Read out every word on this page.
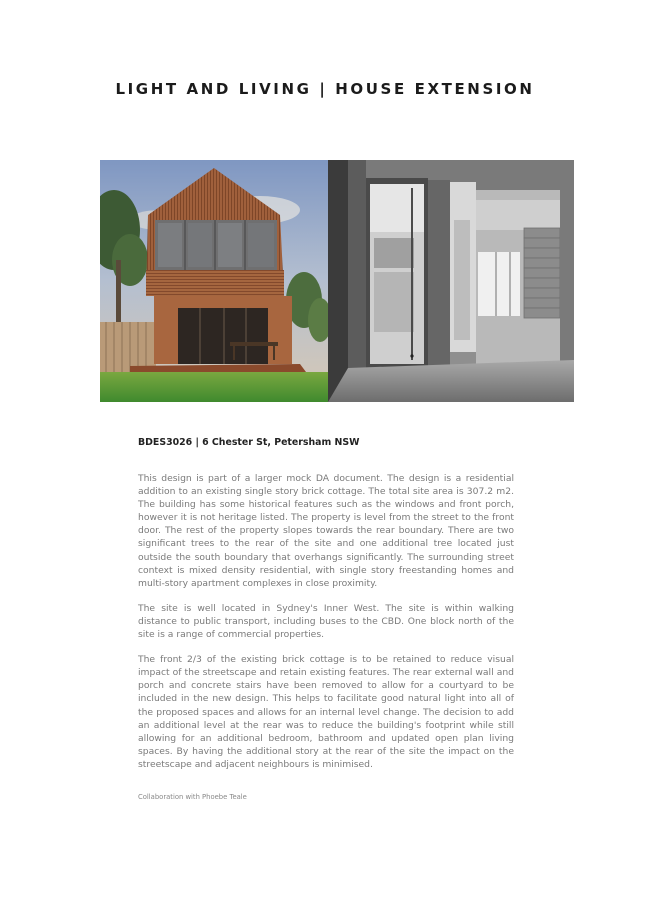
LIGHT AND LIVING | HOUSE EXTENSION
BDES3026 | 6 Chester St, Petersham NSW

This design is part of a larger mock DA document. The design is a residential addition to an existing single story brick cottage. The total site area is 307.2 m2. The building has some historical features such as the windows and front porch, however it is not heritage listed. The property is level from the street to the front door. The rest of the property slopes towards the rear boundary. There are two significant trees to the rear of the site and one additional tree located just outside the south boundary that overhangs significantly. The surrounding street context is mixed density residential, with single story freestanding homes and multi-story apartment complexes in close proximity.

The site is well located in Sydney's Inner West. The site is within walking distance to public transport, including buses to the CBD. One block north of the site is a range of commercial properties.

The front 2/3 of the existing brick cottage is to be retained to reduce visual impact of the streetscape and retain existing features. The rear external wall and porch and concrete stairs have been removed to allow for a courtyard to be included in the new design. This helps to facilitate good natural light into all of the proposed spaces and allows for an internal level change. The decision to add an additional level at the rear was to reduce the building's footprint while still allowing for an additional bedroom, bathroom and updated open plan living spaces. By having the additional story at the rear of the site the impact on the streetscape and adjacent neighbours is minimised.

Collaboration with Phoebe Teale
